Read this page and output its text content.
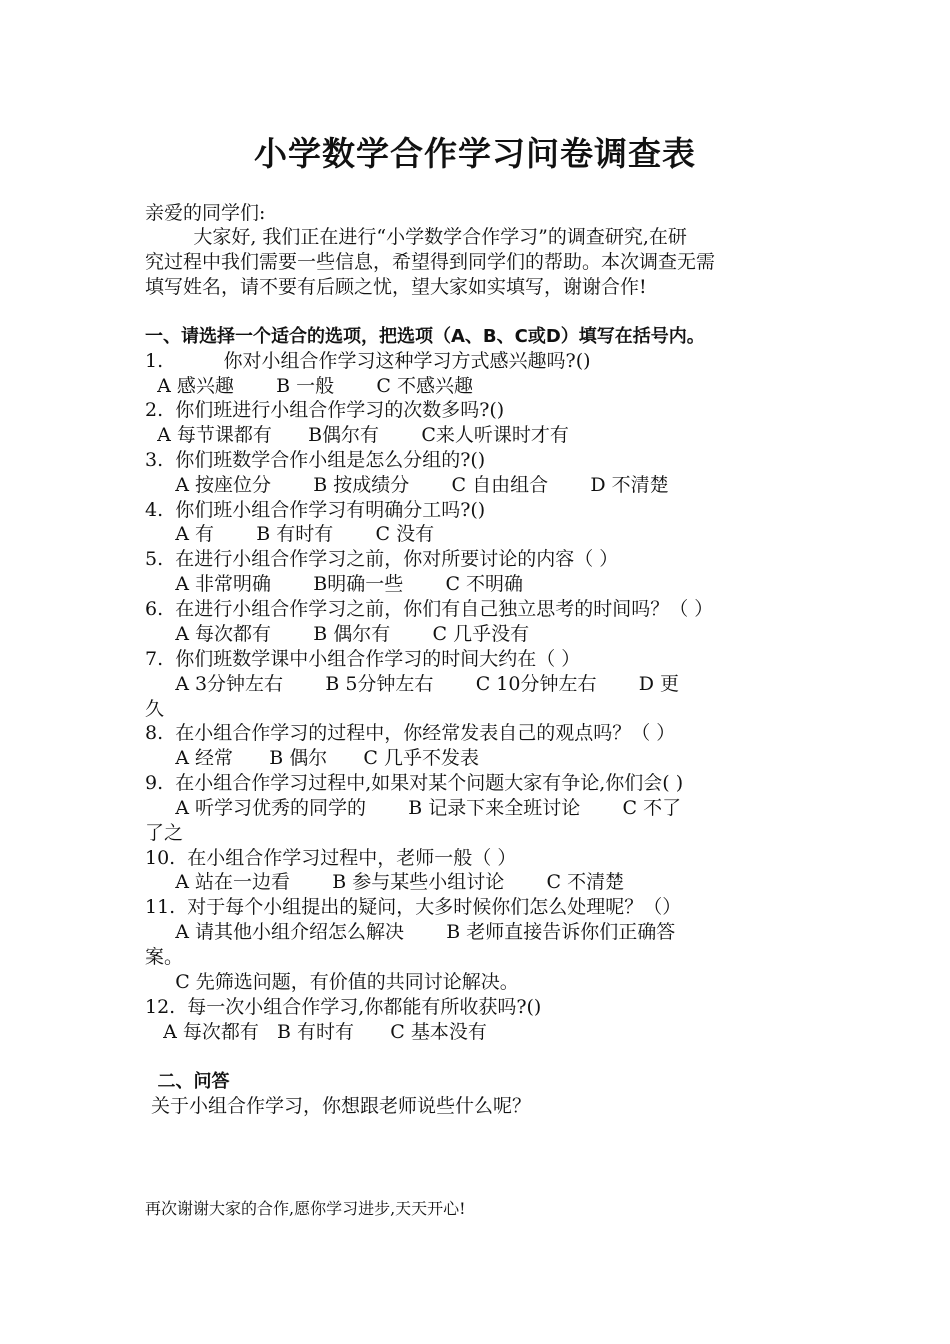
小学数学合作学习问卷调查表
亲爱的同学们:
大家好, 我们正在进行“小学数学合作学习”的调查研究,在研
究过程中我们需要一些信息，希望得到同学们的帮助。本次调查无需
填写姓名，请不要有后顾之忧，望大家如实填写，谢谢合作!
一、请选择一个适合的选项，把选项（A、B、C或D）填写在括号内。
1.          你对小组合作学习这种学习方式感兴趣吗?()
A 感兴趣       B 一般       C 不感兴趣
2.  你们班进行小组合作学习的次数多吗?()
A 每节课都有      B偶尔有       C来人听课时才有
3.  你们班数学合作小组是怎么分组的?()
A 按座位分       B 按成绩分       C 自由组合       D 不清楚
4.  你们班小组合作学习有明确分工吗?()
A 有       B 有时有       C 没有
5.  在进行小组合作学习之前，你对所要讨论的内容（ ）
A 非常明确       B明确一些       C 不明确
6.  在进行小组合作学习之前，你们有自己独立思考的时间吗？（ ）
A 每次都有       B 偶尔有       C 几乎没有
7.  你们班数学课中小组合作学习的时间大约在（ ）
A 3分钟左右       B 5分钟左右       C 10分钟左右       D 更
久
8.  在小组合作学习的过程中，你经常发表自己的观点吗？（ ）
A 经常      B 偶尔      C 几乎不发表
9.  在小组合作学习过程中,如果对某个问题大家有争论,你们会( )
A 听学习优秀的同学的       B 记录下来全班讨论       C 不了
了之
10.  在小组合作学习过程中，老师一般（ ）
A 站在一边看       B 参与某些小组讨论       C 不清楚
11.  对于每个小组提出的疑问，大多时候你们怎么处理呢？（）
A 请其他小组介绍怎么解决       B 老师直接告诉你们正确答
案。
C 先筛选问题，有价值的共同讨论解决。
12.  每一次小组合作学习,你都能有所收获吗?()
A 每次都有   B 有时有      C 基本没有
二、问答
关于小组合作学习，你想跟老师说些什么呢？
再次谢谢大家的合作,愿你学习进步,天天开心!
